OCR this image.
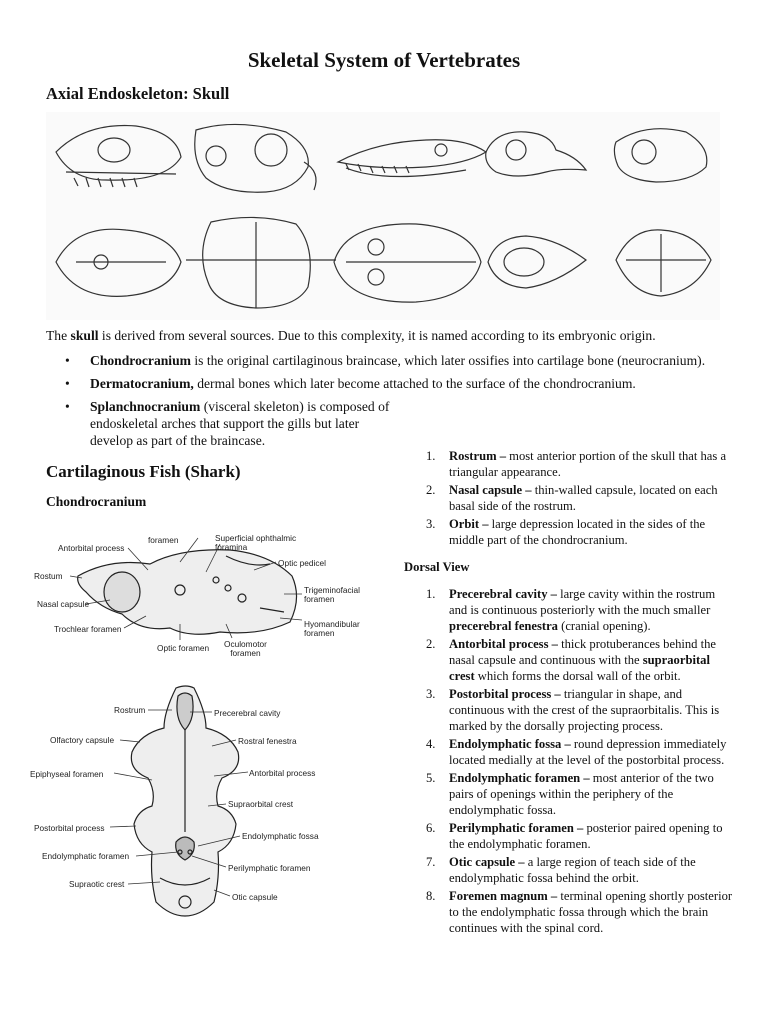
Skeletal System of Vertebrates
Axial Endoskeleton: Skull

The skull is derived from several sources. Due to this complexity, it is named according to its embryonic origin.

• Chondrocranium is the original cartilaginous braincase, which later ossifies into cartilage bone (neurocranium).
• Dermatocranium, dermal bones which later become attached to the surface of the chondrocranium.
• Splanchnocranium (visceral skeleton) is composed of endoskeletal arches that support the gills but later develop as part of the braincase.
Cartilaginous Fish (Shark)
Chondrocranium
foramen	Superficial ophthalmic
foramina
Antorbital process
Optic pedicel
Rostum
Trigeminofacial
foramen
Nasal capsule
Hyomandibular
foramen
Trochlear foramen
Optic foramen Oculomotor
foramen
Rostrum	Precerebral cavity
Olfactory capsule	Rostral fenestra
Epiphyseal foramen	Antorbital process
Supraorbital crest
Postorbital process
Endolymphatic fossa
Endolymphatic foramen
Perilymphatic foramen
Supraotic crest
Otic capsule
1. Rostrum – most anterior portion of the skull that has a triangular appearance.
2. Nasal capsule – thin-walled capsule, located on each basal side of the rostrum.
3. Orbit – large depression located in the sides of the middle part of the chondrocranium.
Dorsal View
1. Precerebral cavity – large cavity within the rostrum and is continuous posteriorly with the much smaller precerebral fenestra (cranial opening).
2. Antorbital process – thick protuberances behind the nasal capsule and continuous with the supraorbital crest which forms the dorsal wall of the orbit.
3. Postorbital process – triangular in shape, and continuous with the crest of the supraorbitalis. This is marked by the dorsally projecting process.
4. Endolymphatic fossa – round depression immediately located medially at the level of the postorbital process.
5. Endolymphatic foramen – most anterior of the two pairs of openings within the periphery of the endolymphatic fossa.
6. Perilymphatic foramen – posterior paired opening to the endolymphatic foramen.
7. Otic capsule – a large region of teach side of the endolymphatic fossa behind the orbit.
8. Foremen magnum – terminal opening shortly posterior to the endolymphatic fossa through which the brain continues with the spinal cord.
